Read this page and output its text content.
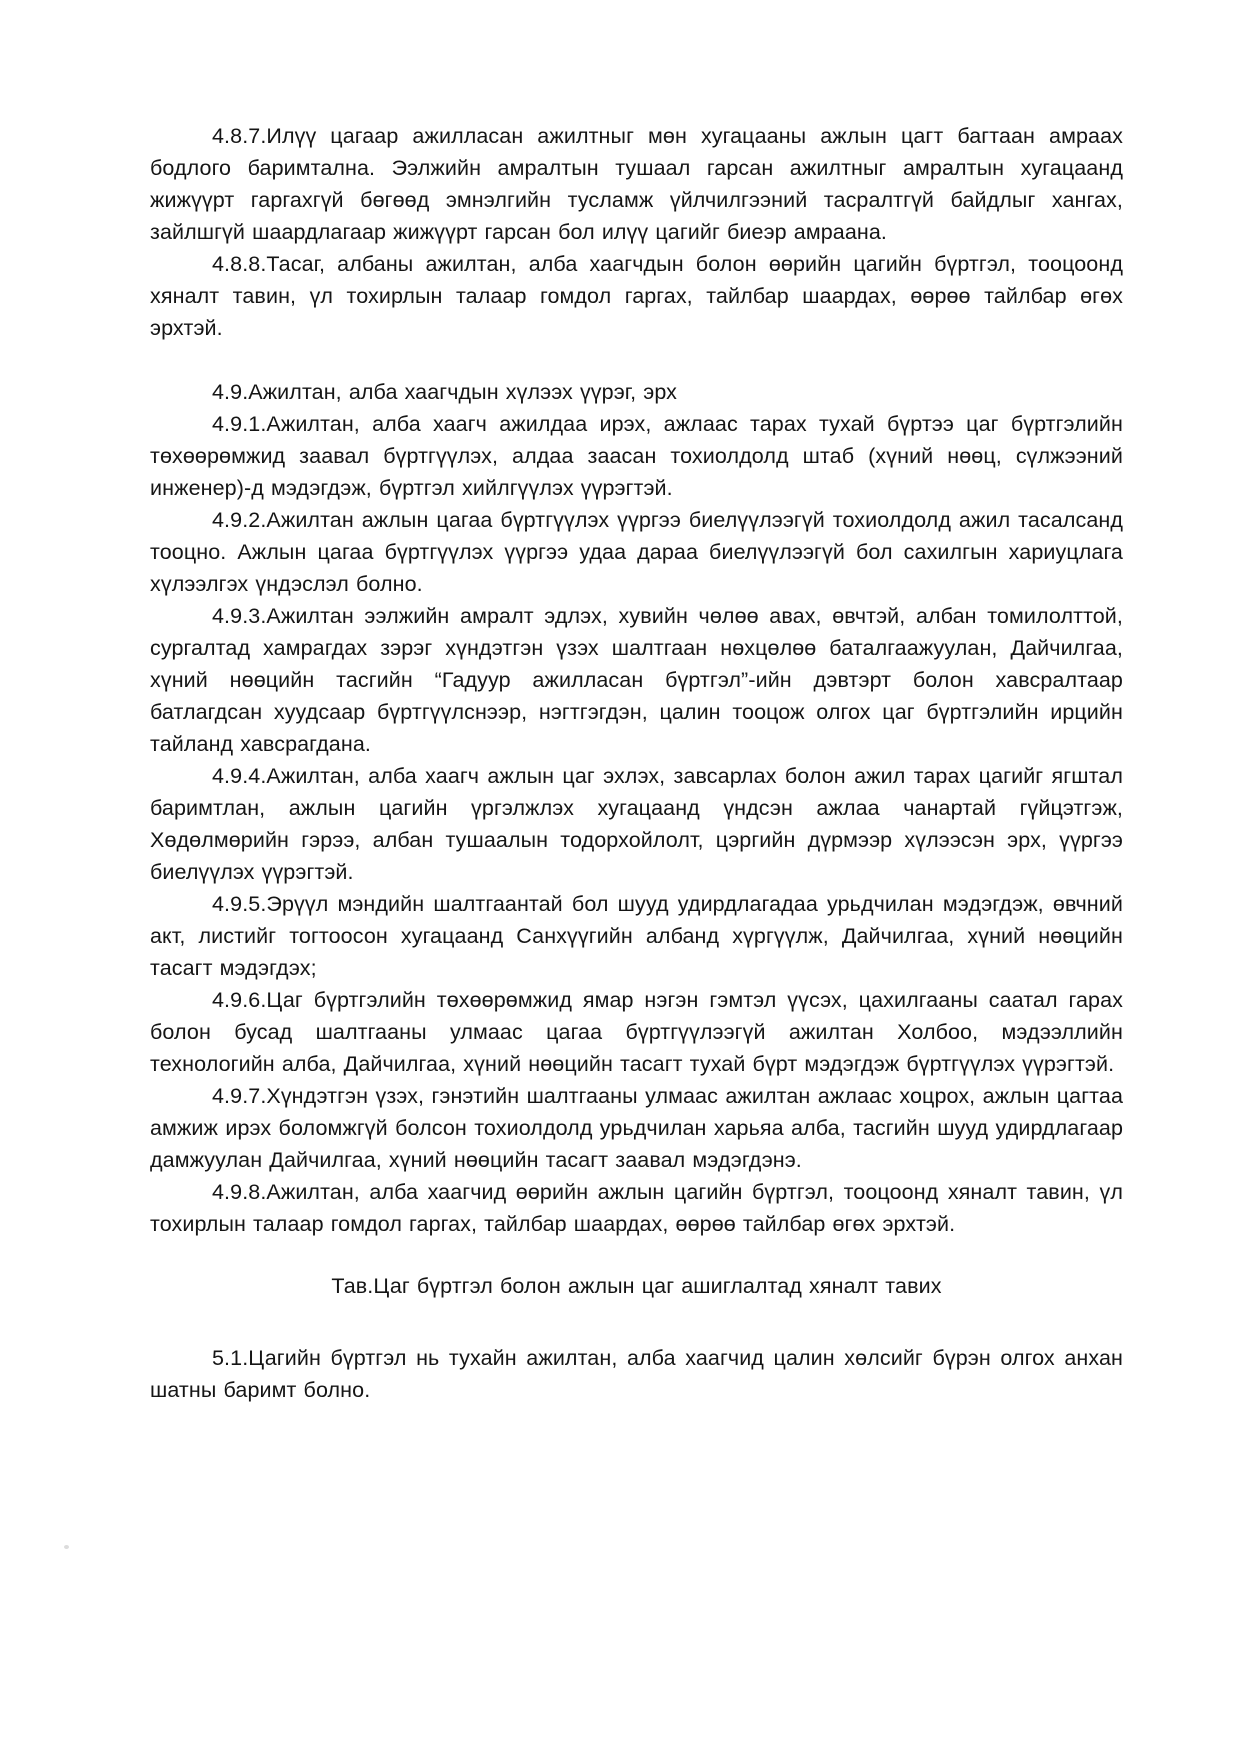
4.8.7.Илүү цагаар ажилласан ажилтныг мөн хугацааны ажлын цагт багтаан амраах бодлого баримтална. Ээлжийн амралтын тушаал гарсан ажилтныг амралтын хугацаанд жижүүрт гаргахгүй бөгөөд эмнэлгийн тусламж үйлчилгээний тасралтгүй байдлыг хангах, зайлшгүй шаардлагаар жижүүрт гарсан бол илүү цагийг биеэр амраана.

4.8.8.Тасаг, албаны ажилтан, алба хаагчдын болон өөрийн цагийн бүртгэл, тооцоонд хяналт тавин, үл тохирлын талаар гомдол гаргах, тайлбар шаардах, өөрөө тайлбар өгөх эрхтэй.

4.9.Ажилтан, алба хаагчдын хүлээх үүрэг, эрх

4.9.1.Ажилтан, алба хаагч ажилдаа ирэх, ажлаас тарах тухай бүртээ цаг бүртгэлийн төхөөрөмжид заавал бүртгүүлэх, алдаа заасан тохиолдолд штаб (хүний нөөц, сүлжээний инженер)-д мэдэгдэж, бүртгэл хийлгүүлэх үүрэгтэй.

4.9.2.Ажилтан ажлын цагаа бүртгүүлэх үүргээ биелүүлээгүй тохиолдолд ажил тасалсанд тооцно. Ажлын цагаа бүртгүүлэх үүргээ удаа дараа биелүүлээгүй бол сахилгын хариуцлага хүлээлгэх үндэслэл болно.

4.9.3.Ажилтан ээлжийн амралт эдлэх, хувийн чөлөө авах, өвчтэй, албан томилолттой, сургалтад хамрагдах зэрэг хүндэтгэн үзэх шалтгаан нөхцөлөө баталгаажуулан, Дайчилгаа, хүний нөөцийн тасгийн “Гадуур ажилласан бүртгэл”-ийн дэвтэрт болон хавсралтаар батлагдсан хуудсаар бүртгүүлснээр, нэгтгэгдэн, цалин тооцож олгох цаг бүртгэлийн ирцийн тайланд хавсрагдана.

4.9.4.Ажилтан, алба хаагч ажлын цаг эхлэх, завсарлах болон ажил тарах цагийг ягштал баримтлан, ажлын цагийн үргэлжлэх хугацаанд үндсэн ажлаа чанартай гүйцэтгэж, Хөдөлмөрийн гэрээ, албан тушаалын тодорхойлолт, цэргийн дүрмээр хүлээсэн эрх, үүргээ биелүүлэх үүрэгтэй.

4.9.5.Эрүүл мэндийн шалтгаантай бол шууд удирдлагадаа урьдчилан мэдэгдэж, өвчний акт, листийг тогтоосон хугацаанд Санхүүгийн албанд хүргүүлж, Дайчилгаа, хүний нөөцийн тасагт мэдэгдэх;

4.9.6.Цаг бүртгэлийн төхөөрөмжид ямар нэгэн гэмтэл үүсэх, цахилгааны саатал гарах болон бусад шалтгааны улмаас цагаа бүртгүүлээгүй ажилтан Холбоо, мэдээллийн технологийн алба, Дайчилгаа, хүний нөөцийн тасагт тухай бүрт мэдэгдэж бүртгүүлэх үүрэгтэй.

4.9.7.Хүндэтгэн үзэх, гэнэтийн шалтгааны улмаас ажилтан ажлаас хоцрох, ажлын цагтаа амжиж ирэх боломжгүй болсон тохиолдолд урьдчилан харьяа алба, тасгийн шууд удирдлагаар дамжуулан Дайчилгаа, хүний нөөцийн тасагт заавал мэдэгдэнэ.

4.9.8.Ажилтан, алба хаагчид өөрийн ажлын цагийн бүртгэл, тооцоонд хяналт тавин, үл тохирлын талаар гомдол гаргах, тайлбар шаардах, өөрөө тайлбар өгөх эрхтэй.

Тав.Цаг бүртгэл болон ажлын цаг ашиглалтад хяналт тавих

5.1.Цагийн бүртгэл нь тухайн ажилтан, алба хаагчид цалин хөлсийг бүрэн олгох анхан шатны баримт болно.
